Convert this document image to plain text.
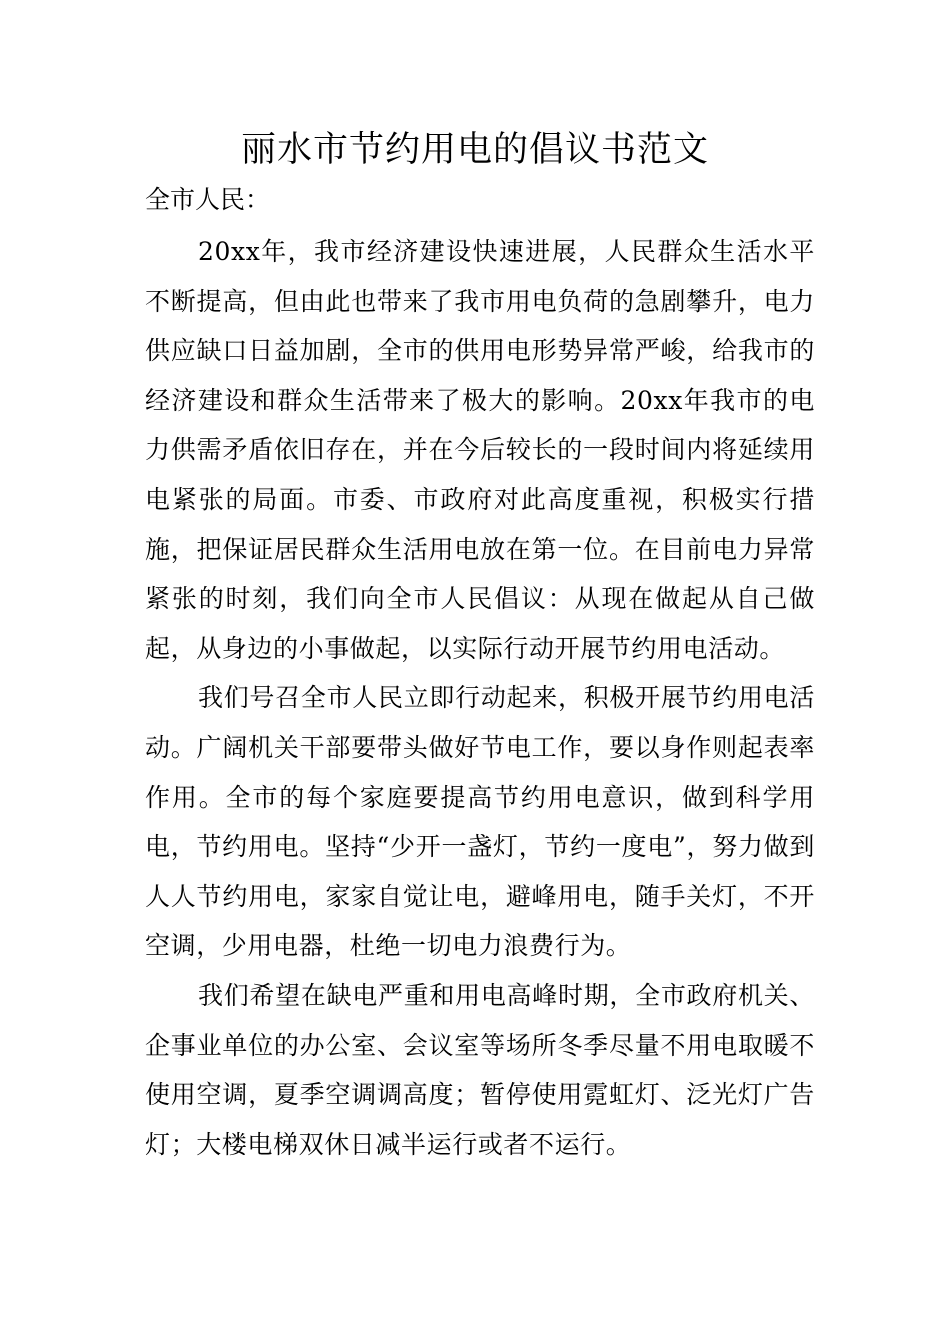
丽水市节约用电的倡议书范文

全市人民：

20xx年，我市经济建设快速进展，人民群众生活水平不断提高，但由此也带来了我市用电负荷的急剧攀升，电力供应缺口日益加剧，全市的供用电形势异常严峻，给我市的经济建设和群众生活带来了极大的影响。20xx年我市的电力供需矛盾依旧存在，并在今后较长的一段时间内将延续用电紧张的局面。市委、市政府对此高度重视，积极实行措施，把保证居民群众生活用电放在第一位。在目前电力异常紧张的时刻，我们向全市人民倡议：从现在做起从自己做起，从身边的小事做起，以实际行动开展节约用电活动。

我们号召全市人民立即行动起来，积极开展节约用电活动。广阔机关干部要带头做好节电工作，要以身作则起表率作用。全市的每个家庭要提高节约用电意识，做到科学用电，节约用电。坚持“少开一盏灯，节约一度电”，努力做到人人节约用电，家家自觉让电，避峰用电，随手关灯，不开空调，少用电器，杜绝一切电力浪费行为。

我们希望在缺电严重和用电高峰时期，全市政府机关、企事业单位的办公室、会议室等场所冬季尽量不用电取暖不使用空调，夏季空调调高度；暂停使用霓虹灯、泛光灯广告灯；大楼电梯双休日减半运行或者不运行。
